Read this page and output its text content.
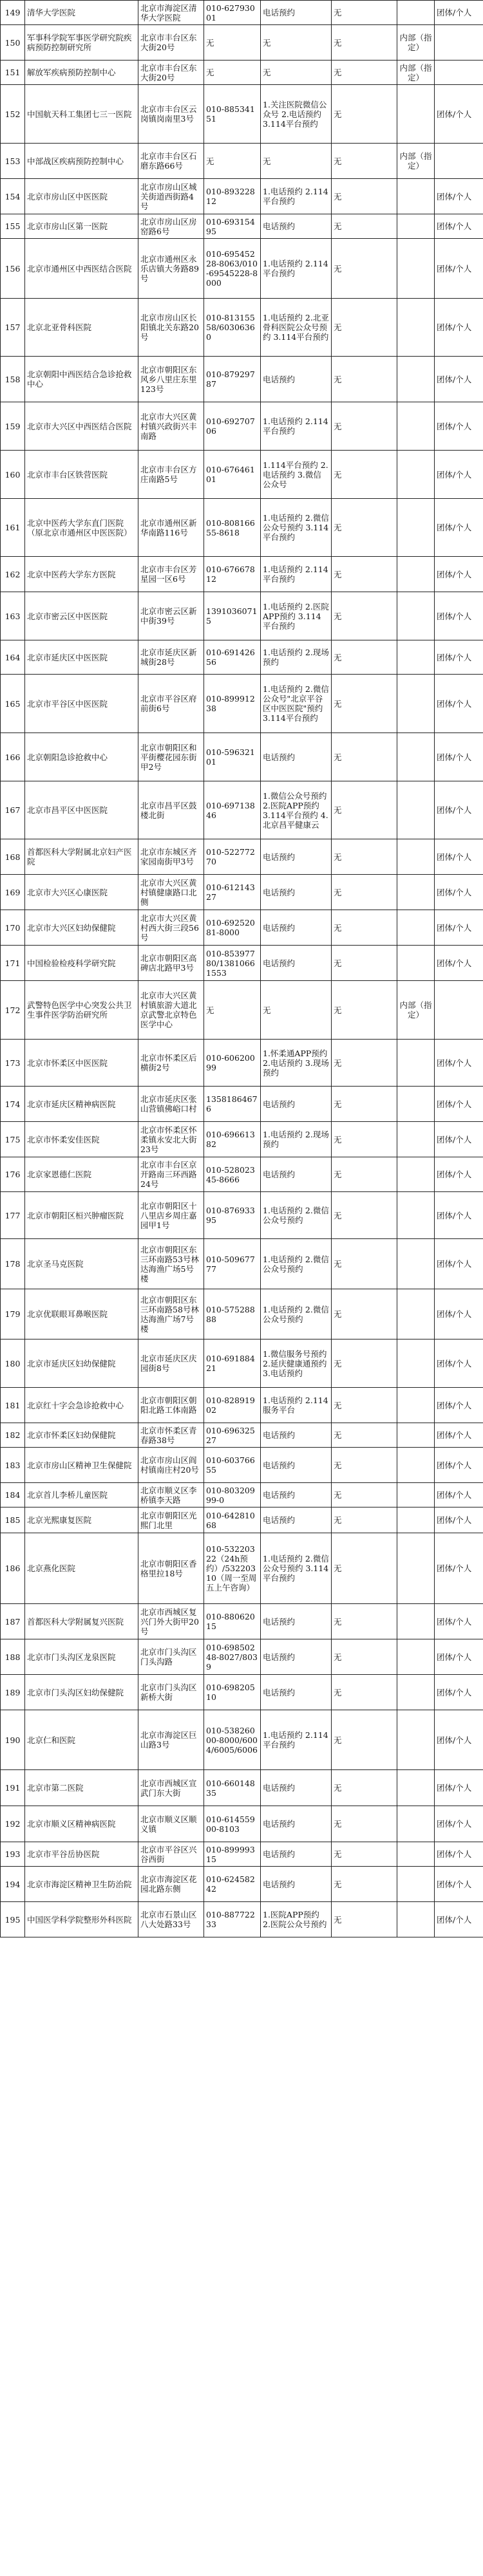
149	清华大学医院	北京市海淀区清华大学医院	010-62793001	电话预约	无		团体/个人
150	军事科学院军事医学研究院疾病预防控制研究所	北京市丰台区东大街20号	无	无	无	内部（指定）	
151	解放军疾病预防控制中心	北京市丰台区东大街20号	无	无	无	内部（指定）	
152	中国航天科工集团七三一医院	北京市丰台区云岗镇岗南里3号	010-88534151	1.关注医院微信公众号 2.电话预约 3.114平台预约	无		团体/个人
153	中部战区疾病预防控制中心	北京市丰台区石磨东路66号	无	无	无	内部（指定）	
154	北京市房山区中医医院	北京市房山区城关街道西街路4号	010-89322812	1.电话预约 2.114平台预约	无		团体/个人
155	北京市房山区第一医院	北京市房山区房窑路6号	010-69315495	电话预约	无		团体/个人
156	北京市通州区中西医结合医院	北京市通州区永乐店镇大务路89号	010-69545228-8063/010-69545228-8000	1.电话预约 2.114平台预约	无		团体/个人
157	北京北亚骨科医院	北京市房山区长阳镇北关东路20号	010-81315558/6030636​0	1.电话预约 2.北亚骨科医院公众号预约 3.114平台预约	无		团体/个人
158	北京朝阳中西医结合急诊抢救中心	北京市朝阳区东风乡八里庄东里123号	010-87929787	电话预约	无		团体/个人
159	北京市大兴区中西医结合医院	北京市大兴区黄村镇兴政街兴丰南路	010-69270706	1.电话预约 2.114平台预约	无		团体/个人
160	北京市丰台区铁营医院	北京市丰台区方庄南路5号	010-67646101	1.114平台预约 2.电话预约 3.微信公众号	无		团体/个人
161	北京中医药大学东直门医院（原北京市通州区中医医院）	北京市通州区新华南路116号	010-80816655-8618	1.电话预约 2.微信公众号预约 3.114平台预约	无		团体/个人
162	北京中医药大学东方医院	北京市丰台区芳星园一区6号	010-67667812	1.电话预约 2.114平台预约	无		团体/个人
163	北京市密云区中医医院	北京市密云区新中街39号	13910360715	1.电话预约 2.医院APP预约 3.114平台预约	无		团体/个人
164	北京市延庆区中医医院	北京市延庆区新城街28号	010-69142656	1.电话预约 2.现场预约	无		团体/个人
165	北京市平谷区中医医院	北京市平谷区府前街6号	010-89991238	1.电话预约 2.微信公众号"北京平谷区中医医院"预约 3.114平台预约	无		团体/个人
166	北京朝阳急诊抢救中心	北京市朝阳区和平街樱花园东街甲2号	010-59632101	电话预约	无		团体/个人
167	北京市昌平区中医医院	北京市昌平区鼓楼北街	010-69713846	1.微信公众号预约 2.医院APP预约 3.114平台预约 4.北京昌平健康云	无		团体/个人
168	首都医科大学附属北京妇产医院	北京市东城区齐家园南街甲3号	010-52277270	电话预约	无		团体/个人
169	北京市大兴区心康医院	北京市大兴区黄村镇健康路口北侧	010-61214327	电话预约	无		团体/个人
170	北京市大兴区妇幼保健院	北京市大兴区黄村西大街三段56号	010-69252081-8000	电话预约	无		团体/个人
171	中国检验检疫科学研究院	北京市朝阳区高碑店北路甲3号	010-85397780/13810661553	电话预约	无		团体/个人
172	武警特色医学中心突发公共卫生事件医学防治研究所	北京市大兴区黄村镇旅游大道北京武警北京特色医学中心	无	无	无	内部（指定）	
173	北京市怀柔区中医医院	北京市怀柔区后横街2号	010-60620099	1.怀柔通APP预约 2.电话预约 3.现场预约	无		团体/个人
174	北京市延庆区精神病医院	北京市延庆区张山营镇佛峪口村	13581864676	电话预约	无		团体/个人
175	北京市怀柔安佳医院	北京市怀柔区怀柔镇永安北大街23号	010-69661382	1.电话预约 2.现场预约	无		团体/个人
176	北京家恩德仁医院	北京市丰台区京开路南三环西路24号	010-52802345-8666	电话预约	无		团体/个人
177	北京市朝阳区桓兴肿瘤医院	北京市朝阳区十八里店乡周庄嘉园甲1号	010-87693395	1.电话预约 2.微信公众号预约	无		团体/个人
178	北京圣马克医院	北京市朝阳区东三环南路53号林达海渔广场5号楼	010-50967777	1.电话预约 2.微信公众号预约	无		团体/个人
179	北京优联眼耳鼻喉医院	北京市朝阳区东三环南路58号林达海渔广场7号楼	010-57528888	1.电话预约 2.微信公众号预约	无		团体/个人
180	北京市延庆区妇幼保健院	北京市延庆区庆园街8号	010-69188421	1.微信服务号预约 2.延庆健康通预约 3.电话预约	无		团体/个人
181	北京红十字会急诊抢救中心	北京市朝阳区朝阳北路工体南路	010-82891902	1.电话预约 2.114服务平台	无		团体/个人
182	北京市怀柔区妇幼保健院	北京市怀柔区青春路38号	010-69632527	电话预约	无		团体/个人
183	北京市房山区精神卫生保健院	北京市房山区阎村镇南庄村20号	010-60376655	电话预约	无		团体/个人
184	北京首儿李桥儿童医院	北京市顺义区李桥镇李天路	010-80320999-0	电话预约	无		团体/个人
185	北京光熙康复医院	北京市朝阳区光熙门北里	010-64281068	电话预约	无		团体/个人
186	北京燕化医院	北京市朝阳区香格里拉18号	010-53220322（24h预约）/53220310（周一至周五上午咨询）	1.电话预约 2.微信公众号预约 3.114平台预约	无		团体/个人
187	首都医科大学附属复兴医院	北京市西城区复兴门外大街甲20号	010-88062015	电话预约	无		团体/个人
188	北京市门头沟区龙泉医院	北京市门头沟区门头沟路	010-69850248-8027/8039	电话预约	无		团体/个人
189	北京市门头沟区妇幼保健院	北京市门头沟区新桥大街	010-69820510	电话预约	无		团体/个人
190	北京仁和医院	北京市海淀区巨山路3号	010-53826000-8000/6004/6005/6006	1.电话预约 2.114平台预约	无		团体/个人
191	北京市第二医院	北京市西城区宣武门东大街	010-66014835	电话预约	无		团体/个人
192	北京市顺义区精神病医院	北京市顺义区顺义镇	010-61455900-8103	电话预约	无		团体/个人
193	北京市平谷岳协医院	北京市平谷区兴谷西街	010-89999315	电话预约	无		团体/个人
194	北京市海淀区精神卫生防治院	北京市海淀区花园北路东侧	010-62458242	电话预约	无		团体/个人
195	中国医学科学院整形外科医院	北京市石景山区八大处路33号	010-88772233	1.医院APP预约 2.医院公众号预约	无		团体/个人
